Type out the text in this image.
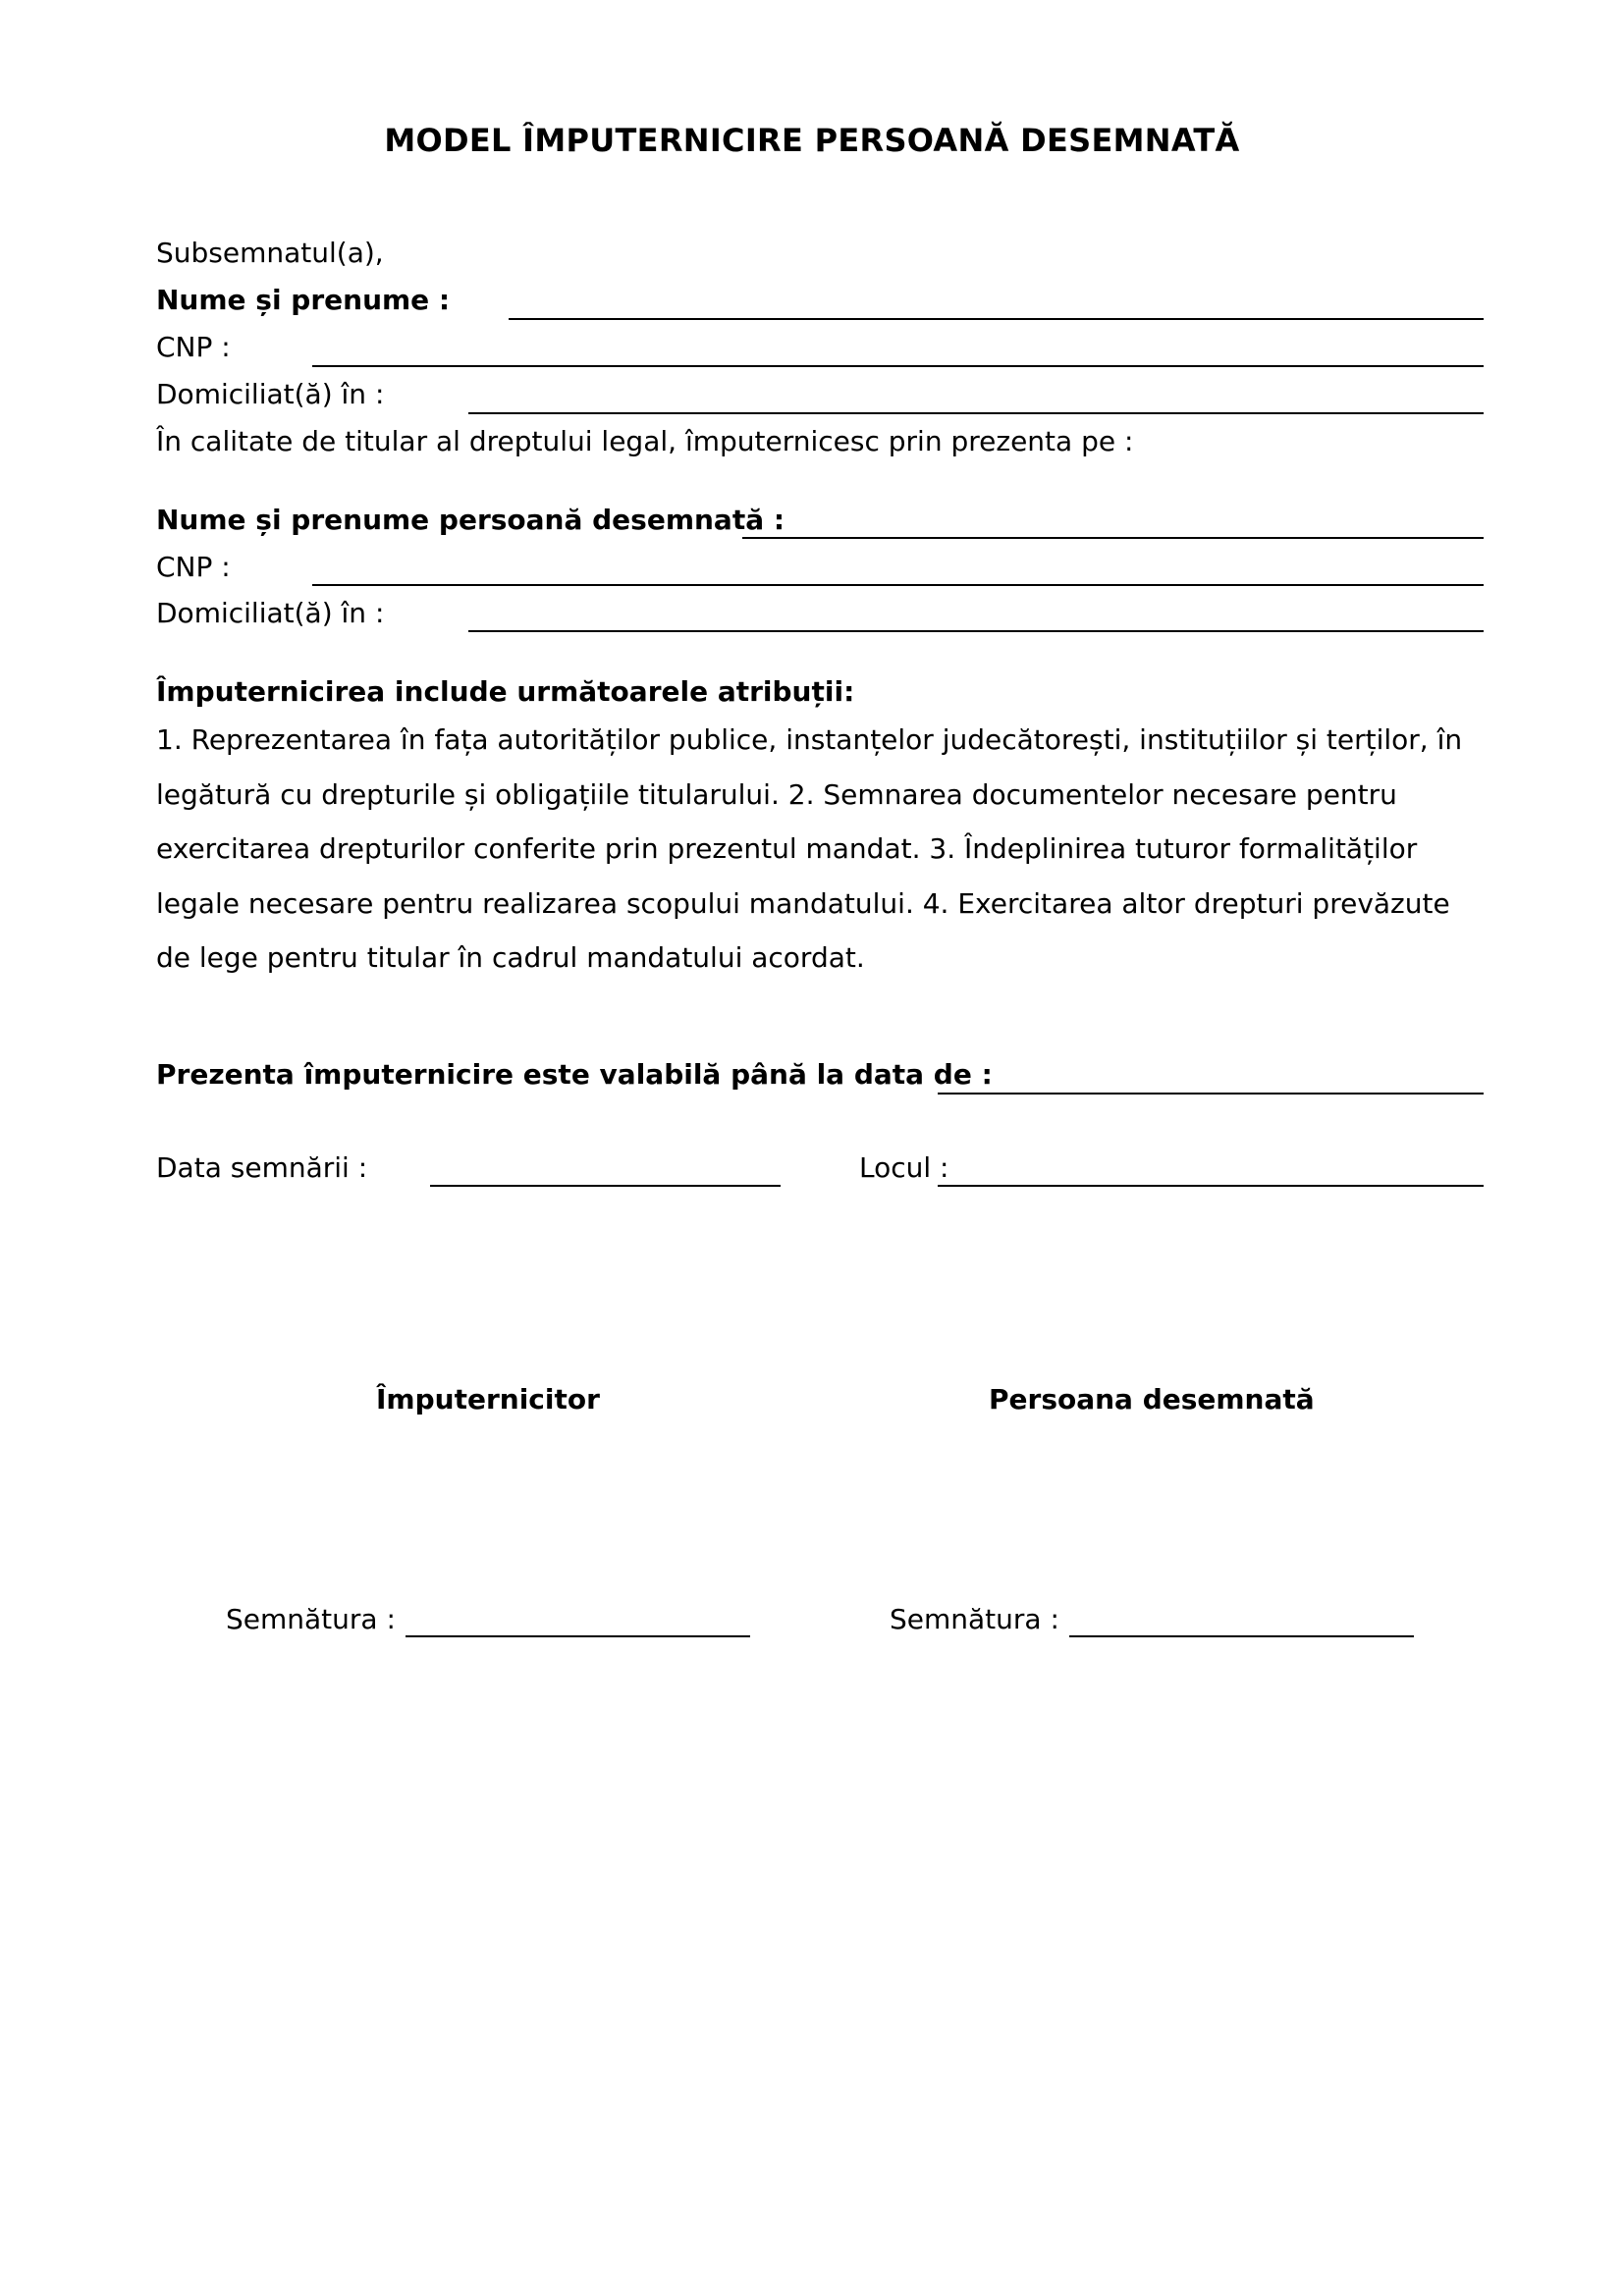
MODEL ÎMPUTERNICIRE PERSOANĂ DESEMNATĂ
Subsemnatul(a),
Nume și prenume :
CNP :
Domiciliat(ă) în :
În calitate de titular al dreptului legal, împuternicesc prin prezenta pe :
Nume și prenume persoană desemnată :
CNP :
Domiciliat(ă) în :
Împuternicirea include următoarele atribuții:
1. Reprezentarea în fața autorităților publice, instanțelor judecătorești, instituțiilor și terților, în legătură cu drepturile și obligațiile titularului. 2. Semnarea documentelor necesare pentru exercitarea drepturilor conferite prin prezentul mandat. 3. Îndeplinirea tuturor formalităților legale necesare pentru realizarea scopului mandatului. 4. Exercitarea altor drepturi prevăzute de lege pentru titular în cadrul mandatului acordat.
Prezenta împuternicire este valabilă până la data de :
Data semnării :	Locul :
Împuternicitor	Persoana desemnată
Semnătura :	Semnătura :
